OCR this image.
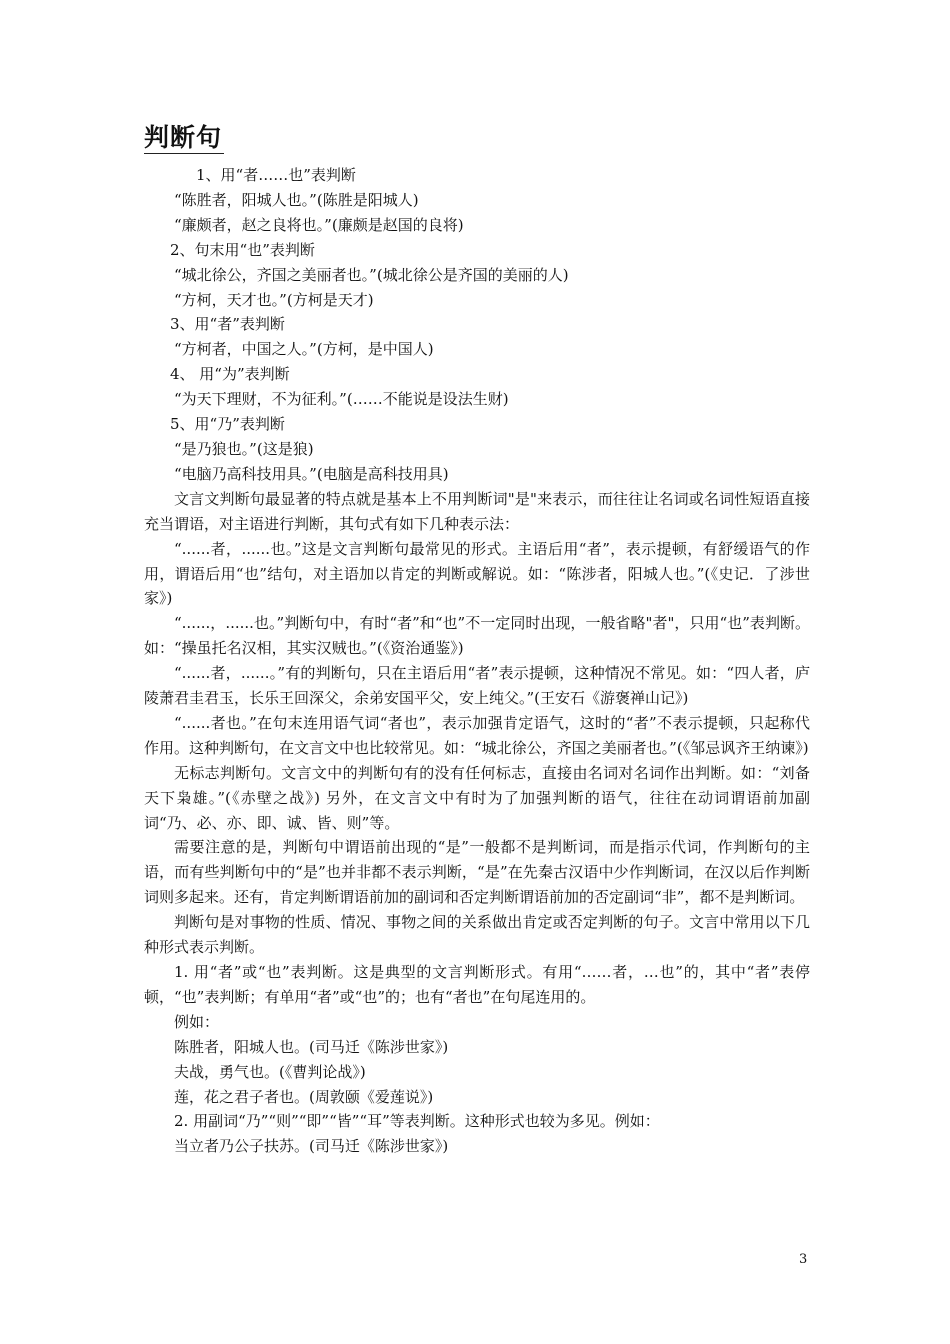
判断句

1、用“者……也”表判断

“陈胜者，阳城人也。”(陈胜是阳城人)

“廉颇者，赵之良将也。”(廉颇是赵国的良将)

2、句末用“也”表判断

“城北徐公，齐国之美丽者也。”(城北徐公是齐国的美丽的人)

“方柯，天才也。”(方柯是天才)

3、用“者”表判断

“方柯者，中国之人。”(方柯，是中国人)

4、 用“为”表判断

“为天下理财，不为征利。”(……不能说是设法生财)

5、用“乃”表判断

“是乃狼也。”(这是狼)

“电脑乃高科技用具。”(电脑是高科技用具)

文言文判断句最显著的特点就是基本上不用判断词"是"来表示，而往往让名词或名词性短语直接充当谓语，对主语进行判断，其句式有如下几种表示法：

“......者，......也。”这是文言判断句最常见的形式。主语后用“者”，表示提顿，有舒缓语气的作用，谓语后用“也”结句，对主语加以肯定的判断或解说。如：“陈涉者，阳城人也。”(《史记．了涉世家》)

“......，......也。”判断句中，有时“者”和“也”不一定同时出现，一般省略"者"，只用“也”表判断。如：“操虽托名汉相，其实汉贼也。”(《资治通鉴》)

“......者，......。”有的判断句，只在主语后用“者”表示提顿，这种情况不常见。如：“四人者，庐陵萧君圭君玉，长乐王回深父，余弟安国平父，安上纯父。”(王安石《游褒禅山记》)

“......者也。”在句末连用语气词“者也”，表示加强肯定语气，这时的“者”不表示提顿，只起称代作用。这种判断句，在文言文中也比较常见。如：“城北徐公，齐国之美丽者也。”(《邹忌讽齐王纳谏》)

无标志判断句。文言文中的判断句有的没有任何标志，直接由名词对名词作出判断。如：“刘备天下枭雄。”(《赤壁之战》) 另外，在文言文中有时为了加强判断的语气，往往在动词谓语前加副词“乃、必、亦、即、诚、皆、则”等。

需要注意的是，判断句中谓语前出现的“是”一般都不是判断词，而是指示代词，作判断句的主语，而有些判断句中的“是”也并非都不表示判断，“是”在先秦古汉语中少作判断词，在汉以后作判断词则多起来。还有，肯定判断谓语前加的副词和否定判断谓语前加的否定副词“非”，都不是判断词。

判断句是对事物的性质、情况、事物之间的关系做出肯定或否定判断的句子。文言中常用以下几种形式表示判断。

1. 用“者”或“也”表判断。这是典型的文言判断形式。有用“……者，…也”的，其中“者”表停顿，“也”表判断；有单用“者”或“也”的；也有“者也”在句尾连用的。

例如：

陈胜者，阳城人也。(司马迁《陈涉世家》)

夫战，勇气也。(《曹判论战》)

莲，花之君子者也。(周敦颐《爱莲说》)

2. 用副词“乃”“则”“即”“皆”“耳”等表判断。这种形式也较为多见。例如：

当立者乃公子扶苏。(司马迁《陈涉世家》)

3
